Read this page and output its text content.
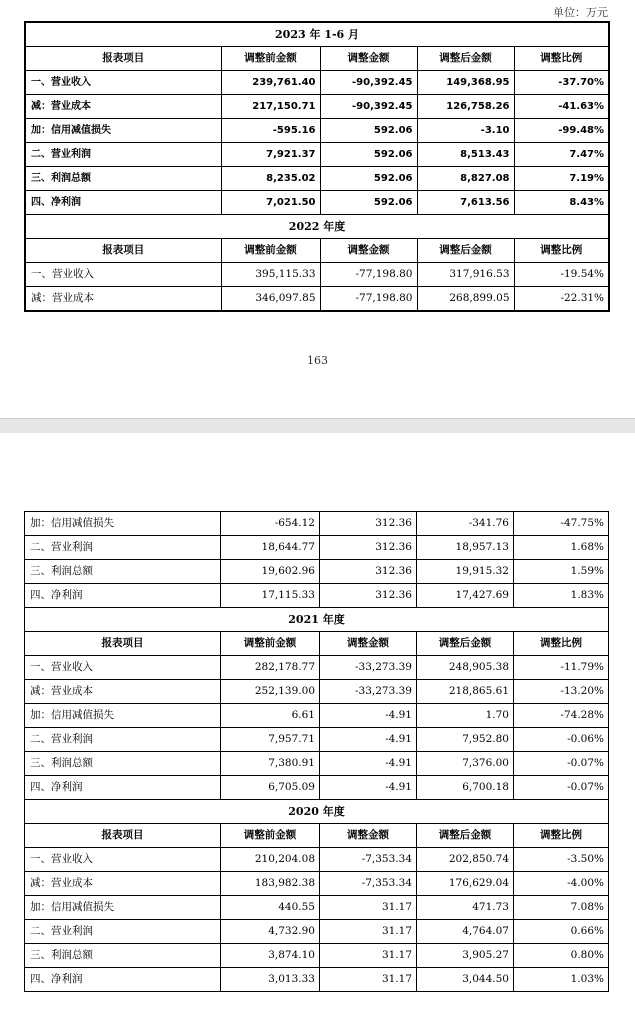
单位：万元
2023 年 1-6 月				
报表项目	调整前金额	调整金额	调整后金额	调整比例
一、营业收入	239,761.40	-90,392.45	149,368.95	-37.70%
减：营业成本	217,150.71	-90,392.45	126,758.26	-41.63%
加：信用减值损失	-595.16	592.06	-3.10	-99.48%
二、营业利润	7,921.37	592.06	8,513.43	7.47%
三、利润总额	8,235.02	592.06	8,827.08	7.19%
四、净利润	7,021.50	592.06	7,613.56	8.43%
2022 年度				
报表项目	调整前金额	调整金额	调整后金额	调整比例
一、营业收入	395,115.33	-77,198.80	317,916.53	-19.54%
减：营业成本	346,097.85	-77,198.80	268,899.05	-22.31%
163
加：信用减值损失	-654.12	312.36	-341.76	-47.75%
二、营业利润	18,644.77	312.36	18,957.13	1.68%
三、利润总额	19,602.96	312.36	19,915.32	1.59%
四、净利润	17,115.33	312.36	17,427.69	1.83%
2021 年度				
报表项目	调整前金额	调整金额	调整后金额	调整比例
一、营业收入	282,178.77	-33,273.39	248,905.38	-11.79%
减：营业成本	252,139.00	-33,273.39	218,865.61	-13.20%
加：信用减值损失	6.61	-4.91	1.70	-74.28%
二、营业利润	7,957.71	-4.91	7,952.80	-0.06%
三、利润总额	7,380.91	-4.91	7,376.00	-0.07%
四、净利润	6,705.09	-4.91	6,700.18	-0.07%
2020 年度				
报表项目	调整前金额	调整金额	调整后金额	调整比例
一、营业收入	210,204.08	-7,353.34	202,850.74	-3.50%
减：营业成本	183,982.38	-7,353.34	176,629.04	-4.00%
加：信用减值损失	440.55	31.17	471.73	7.08%
二、营业利润	4,732.90	31.17	4,764.07	0.66%
三、利润总额	3,874.10	31.17	3,905.27	0.80%
四、净利润	3,013.33	31.17	3,044.50	1.03%
